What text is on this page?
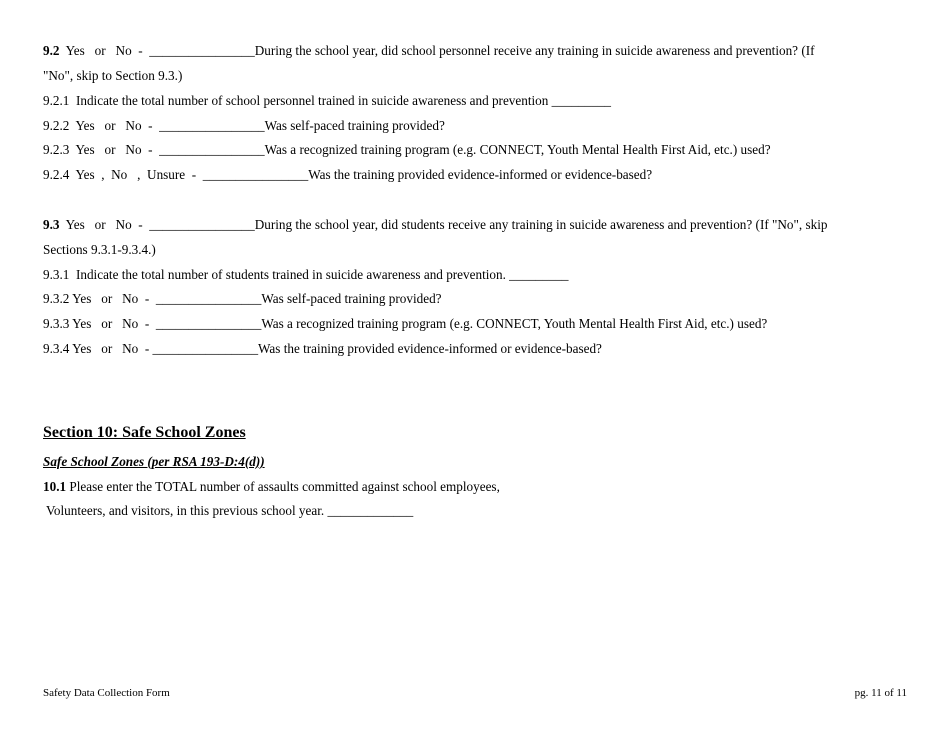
9.2  Yes   or   No  -  ________________During the school year, did school personnel receive any training in suicide awareness and prevention? (If
"No", skip to Section 9.3.)
9.2.1  Indicate the total number of school personnel trained in suicide awareness and prevention _________
9.2.2  Yes   or   No  -  ________________Was self-paced training provided?
9.2.3  Yes   or   No  -  ________________Was a recognized training program (e.g. CONNECT, Youth Mental Health First Aid, etc.) used?
9.2.4  Yes  ,  No   ,  Unsure  -  ________________Was the training provided evidence-informed or evidence-based?
9.3  Yes   or   No  -  ________________During the school year, did students receive any training in suicide awareness and prevention? (If "No", skip
Sections 9.3.1-9.3.4.)
9.3.1  Indicate the total number of students trained in suicide awareness and prevention. _________
9.3.2 Yes   or   No  -  ________________Was self-paced training provided?
9.3.3 Yes   or   No  -  ________________Was a recognized training program (e.g. CONNECT, Youth Mental Health First Aid, etc.) used?
9.3.4 Yes   or   No  - ________________Was the training provided evidence-informed or evidence-based?
Section 10: Safe School Zones
Safe School Zones (per RSA 193-D:4(d))
10.1 Please enter the TOTAL number of assaults committed against school employees,
Volunteers, and visitors, in this previous school year. _____________
Safety Data Collection Form	pg. 11 of 11
